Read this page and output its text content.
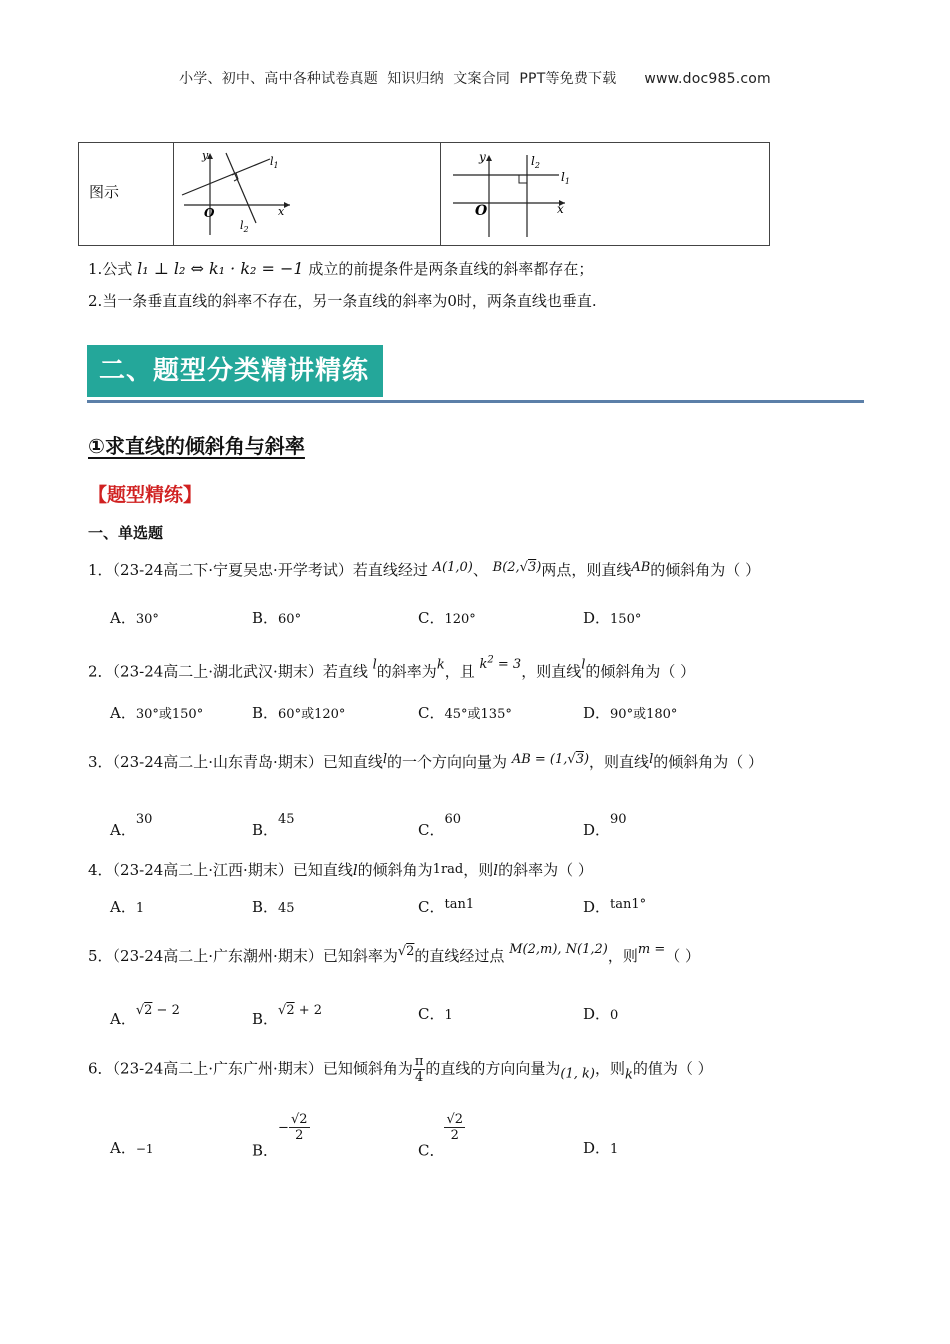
小学、初中、高中各种试卷真题  知识归纳  文案合同  PPT等免费下载      www.doc985.com
图示
y
x
O
$l_1$
$l_2$
y
x
O
$l_1$
$l_2$
1.公式 l₁ ⊥ l₂ ⇔ k₁ · k₂ = −1 成立的前提条件是两条直线的斜率都存在；
2.当一条垂直直线的斜率不存在，另一条直线的斜率为0时，两条直线也垂直.
二、题型分类精讲精练
①求直线的倾斜角与斜率
【题型精练】
一、单选题
1．（23-24高二下·宁夏吴忠·开学考试）若直线经过 A(1,0)、 B(2,√3)两点，则直线AB的倾斜角为（ ）
A．30°	B．60°	C．120°	D．150°
2．（23-24高二上·湖北武汉·期末）若直线 l的斜率为k，且 $k^2 = 3$，则直线l的倾斜角为（ ）
A．30°或150°	B．60°或120°	C．45°或135°	D．90°或180°
3．（23-24高二上·山东青岛·期末）已知直线l的一个方向向量为 AB = (1,√3)，则直线l的倾斜角为（ ）
A．30
B．45
C．60
D．90
4．（23-24高二上·江西·期末）已知直线l的倾斜角为1rad，则l的斜率为（ ）
A．1	B．45	C．tan1	D．tan1°
5．（23-24高二上·广东潮州·期末）已知斜率为√2的直线经过点 M(2,m), N(1,2)，则m =（ ）
A．√2 − 2	B．√2 + 2	C．1	D．0
6．（23-24高二上·广东广州·期末）已知倾斜角为 $\frac{\pi}{4}$ 的直线的方向向量为(1, k)，则k的值为（ ）
A．−1	B．− $\frac{√2}{2}$
C．
$\frac{√2}{2}$
D．1
